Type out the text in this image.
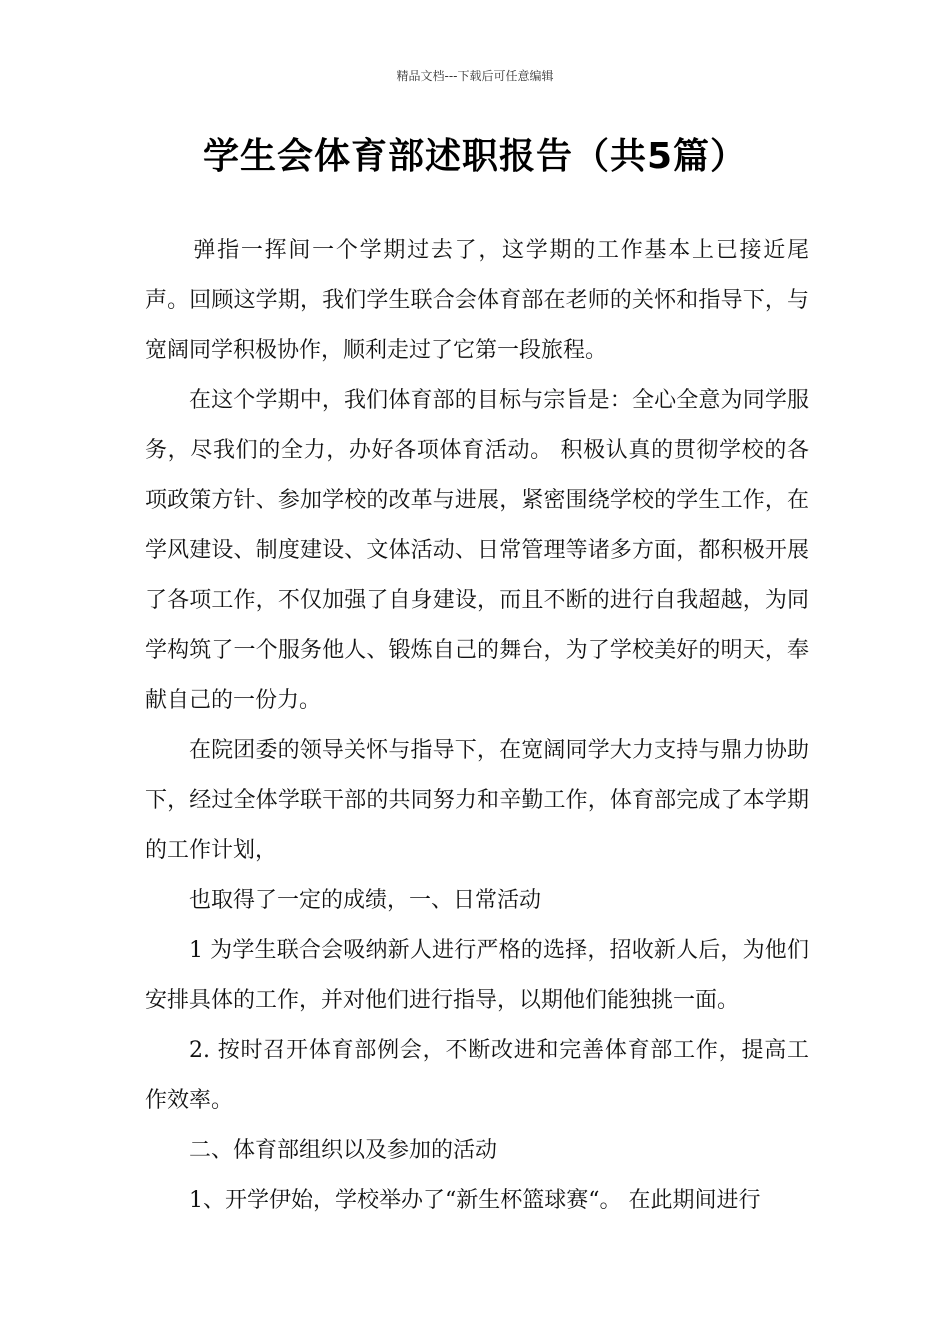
精品文档---下载后可任意编辑
学生会体育部述职报告（共5篇）

弹指一挥间一个学期过去了，这学期的工作基本上已接近尾声。回顾这学期，我们学生联合会体育部在老师的关怀和指导下，与宽阔同学积极协作，顺利走过了它第一段旅程。

在这个学期中，我们体育部的目标与宗旨是：全心全意为同学服务，尽我们的全力，办好各项体育活动。 积极认真的贯彻学校的各项政策方针、参加学校的改革与进展，紧密围绕学校的学生工作，在学风建设、制度建设、文体活动、日常管理等诸多方面，都积极开展了各项工作，不仅加强了自身建设，而且不断的进行自我超越，为同学构筑了一个服务他人、锻炼自己的舞台，为了学校美好的明天，奉献自己的一份力。

在院团委的领导关怀与指导下，在宽阔同学大力支持与鼎力协助下，经过全体学联干部的共同努力和辛勤工作，体育部完成了本学期的工作计划，

也取得了一定的成绩，一、日常活动

1 为学生联合会吸纳新人进行严格的选择，招收新人后，为他们安排具体的工作，并对他们进行指导，以期他们能独挑一面。

2. 按时召开体育部例会，不断改进和完善体育部工作，提高工作效率。

二、体育部组织以及参加的活动

1、开学伊始，学校举办了“新生杯篮球赛“。 在此期间进行
